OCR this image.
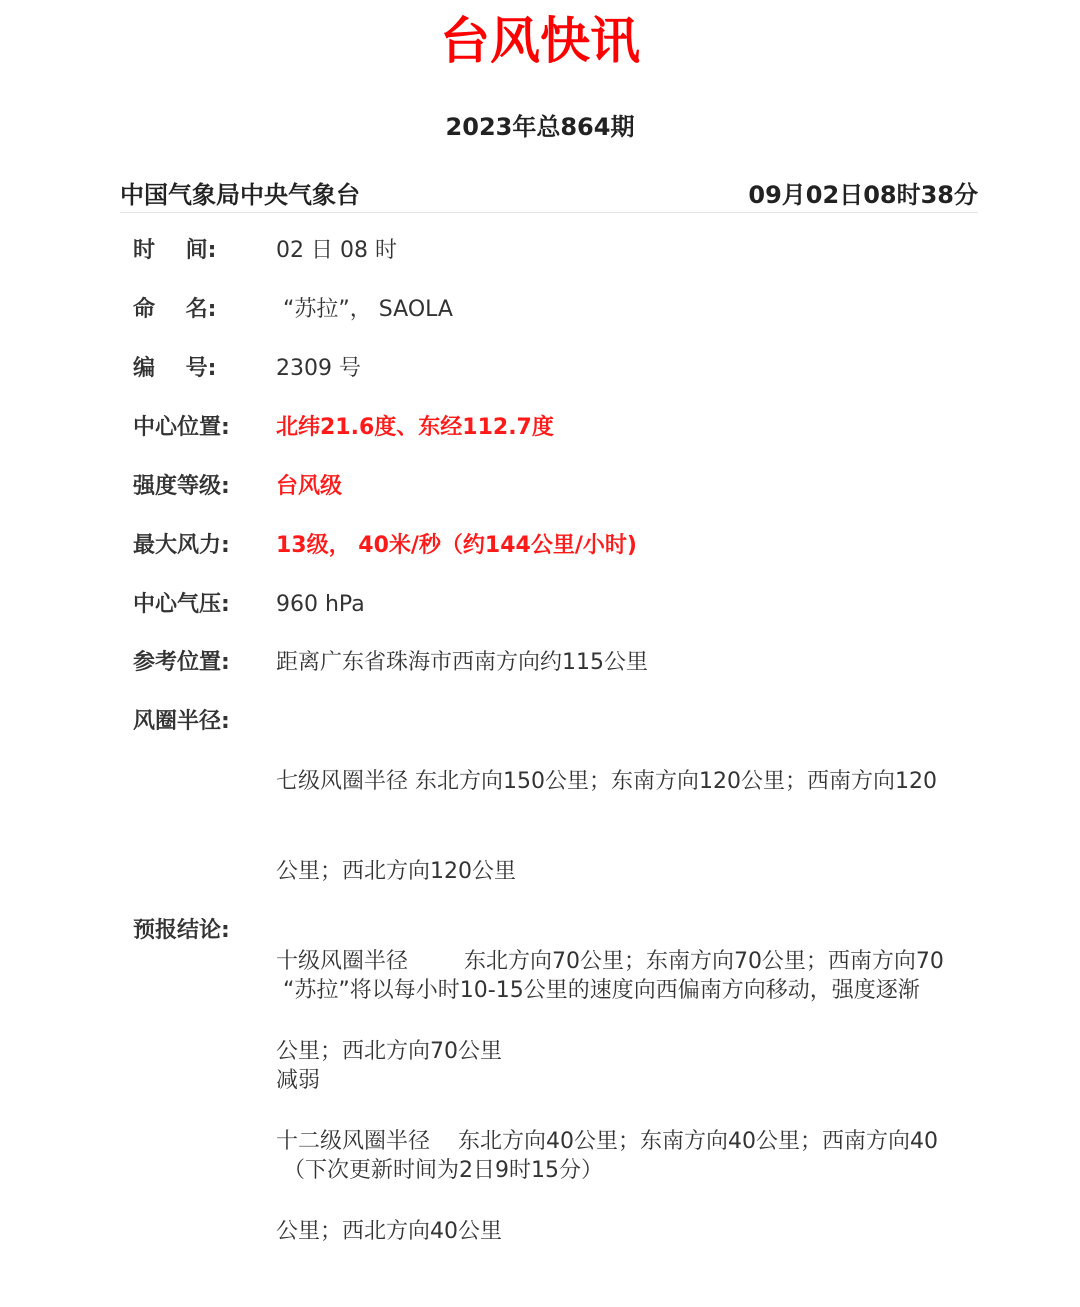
台风快讯
2023年总864期
中国气象局中央气象台	09月02日08时38分
时    间:	02 日 08 时
命    名:	“苏拉”， SAOLA
编    号:	2309 号
中心位置:	北纬21.6度、东经112.7度
强度等级:	台风级
最大风力:	13级， 40米/秒（约144公里/小时)
中心气压:	960 hPa
参考位置:	距离广东省珠海市西南方向约115公里
风圈半径:

七级风圈半径 东北方向150公里；东南方向120公里；西南方向120

公里；西北方向120公里

十级风圈半径        东北方向70公里；东南方向70公里；西南方向70

公里；西北方向70公里

十二级风圈半径    东北方向40公里；东南方向40公里；西南方向40

公里；西北方向40公里

预报结论:

“苏拉”将以每小时10-15公里的速度向西偏南方向移动，强度逐渐

减弱

（下次更新时间为2日9时15分）
